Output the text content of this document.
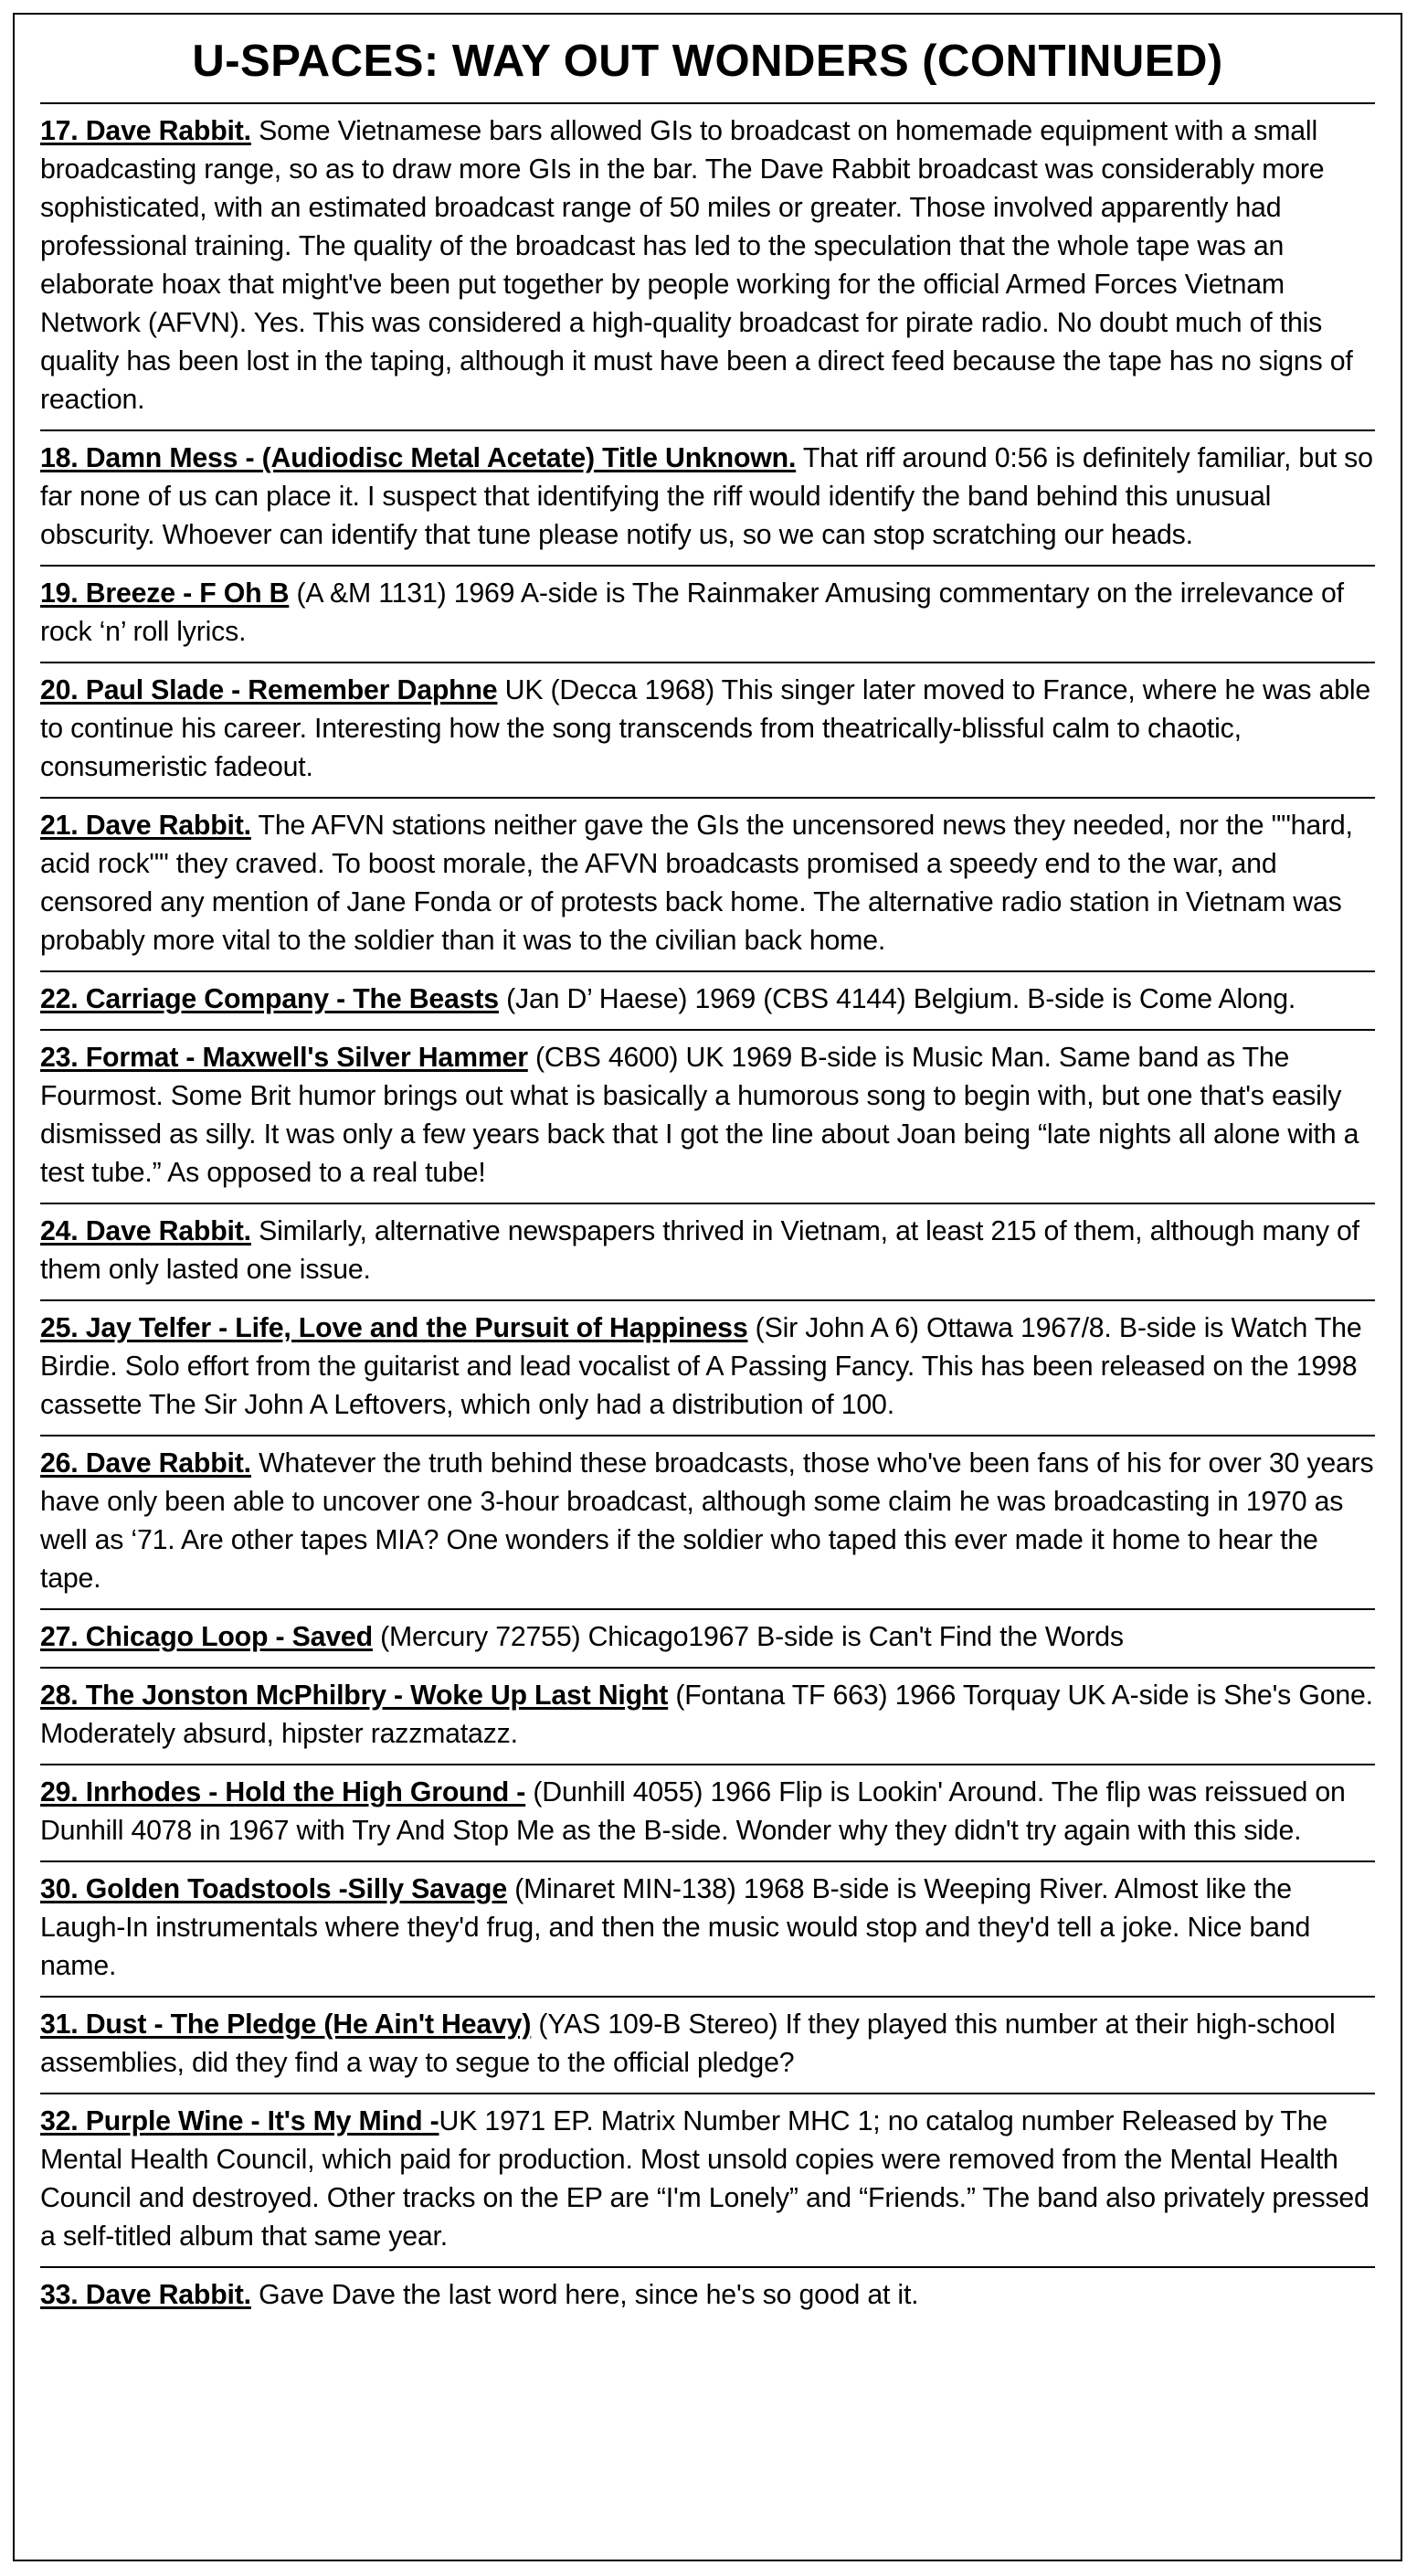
U-SPACES: WAY OUT WONDERS (CONTINUED)
17. Dave Rabbit. Some Vietnamese bars allowed GIs to broadcast on homemade equipment with a small broadcasting range, so as to draw more GIs in the bar. The Dave Rabbit broadcast was considerably more sophisticated, with an estimated broadcast range of 50 miles or greater. Those involved apparently had professional training. The quality of the broadcast has led to the speculation that the whole tape was an elaborate hoax that might've been put together by people working for the official Armed Forces Vietnam Network (AFVN). Yes. This was considered a high-quality broadcast for pirate radio. No doubt much of this quality has been lost in the taping, although it must have been a direct feed because the tape has no signs of reaction.
18. Damn Mess - (Audiodisc Metal Acetate) Title Unknown. That riff around 0:56 is definitely familiar, but so far none of us can place it. I suspect that identifying the riff would identify the band behind this unusual obscurity. Whoever can identify that tune please notify us, so we can stop scratching our heads.
19. Breeze - F Oh B (A &M 1131) 1969 A-side is The Rainmaker Amusing commentary on the irrelevance of rock ‘n’ roll lyrics.
20. Paul Slade - Remember Daphne UK (Decca 1968) This singer later moved to France, where he was able to continue his career. Interesting how the song transcends from theatrically-blissful calm to chaotic, consumeristic fadeout.
21. Dave Rabbit. The AFVN stations neither gave the GIs the uncensored news they needed, nor the ""hard, acid rock"" they craved. To boost morale, the AFVN broadcasts promised a speedy end to the war, and censored any mention of Jane Fonda or of protests back home. The alternative radio station in Vietnam was probably more vital to the soldier than it was to the civilian back home.
22. Carriage Company - The Beasts (Jan D’ Haese) 1969 (CBS 4144) Belgium. B-side is Come Along.
23. Format - Maxwell's Silver Hammer (CBS 4600) UK 1969 B-side is Music Man. Same band as The Fourmost. Some Brit humor brings out what is basically a humorous song to begin with, but one that's easily dismissed as silly. It was only a few years back that I got the line about Joan being “late nights all alone with a test tube.” As opposed to a real tube!
24. Dave Rabbit. Similarly, alternative newspapers thrived in Vietnam, at least 215 of them, although many of them only lasted one issue.
25. Jay Telfer - Life, Love and the Pursuit of Happiness (Sir John A 6) Ottawa 1967/8. B-side is Watch The Birdie. Solo effort from the guitarist and lead vocalist of A Passing Fancy. This has been released on the 1998 cassette The Sir John A Leftovers, which only had a distribution of 100.
26. Dave Rabbit. Whatever the truth behind these broadcasts, those who've been fans of his for over 30 years have only been able to uncover one 3-hour broadcast, although some claim he was broadcasting in 1970 as well as ‘71. Are other tapes MIA? One wonders if the soldier who taped this ever made it home to hear the tape.
27. Chicago Loop - Saved (Mercury 72755) Chicago1967 B-side is Can't Find the Words
28. The Jonston McPhilbry - Woke Up Last Night (Fontana TF 663) 1966 Torquay UK A-side is She's Gone. Moderately absurd, hipster razzmatazz.
29. Inrhodes - Hold the High Ground - (Dunhill 4055) 1966 Flip is Lookin' Around. The flip was reissued on Dunhill 4078 in 1967 with Try And Stop Me as the B-side. Wonder why they didn't try again with this side.
30. Golden Toadstools -Silly Savage (Minaret MIN-138) 1968 B-side is Weeping River. Almost like the Laugh-In instrumentals where they'd frug, and then the music would stop and they'd tell a joke. Nice band name.
31. Dust - The Pledge (He Ain't Heavy) (YAS 109-B Stereo) If they played this number at their high-school assemblies, did they find a way to segue to the official pledge?
32. Purple Wine - It's My Mind -UK 1971 EP. Matrix Number MHC 1; no catalog number Released by The Mental Health Council, which paid for production. Most unsold copies were removed from the Mental Health Council and destroyed. Other tracks on the EP are “I'm Lonely” and “Friends.” The band also privately pressed a self-titled album that same year.
33. Dave Rabbit. Gave Dave the last word here, since he's so good at it.
